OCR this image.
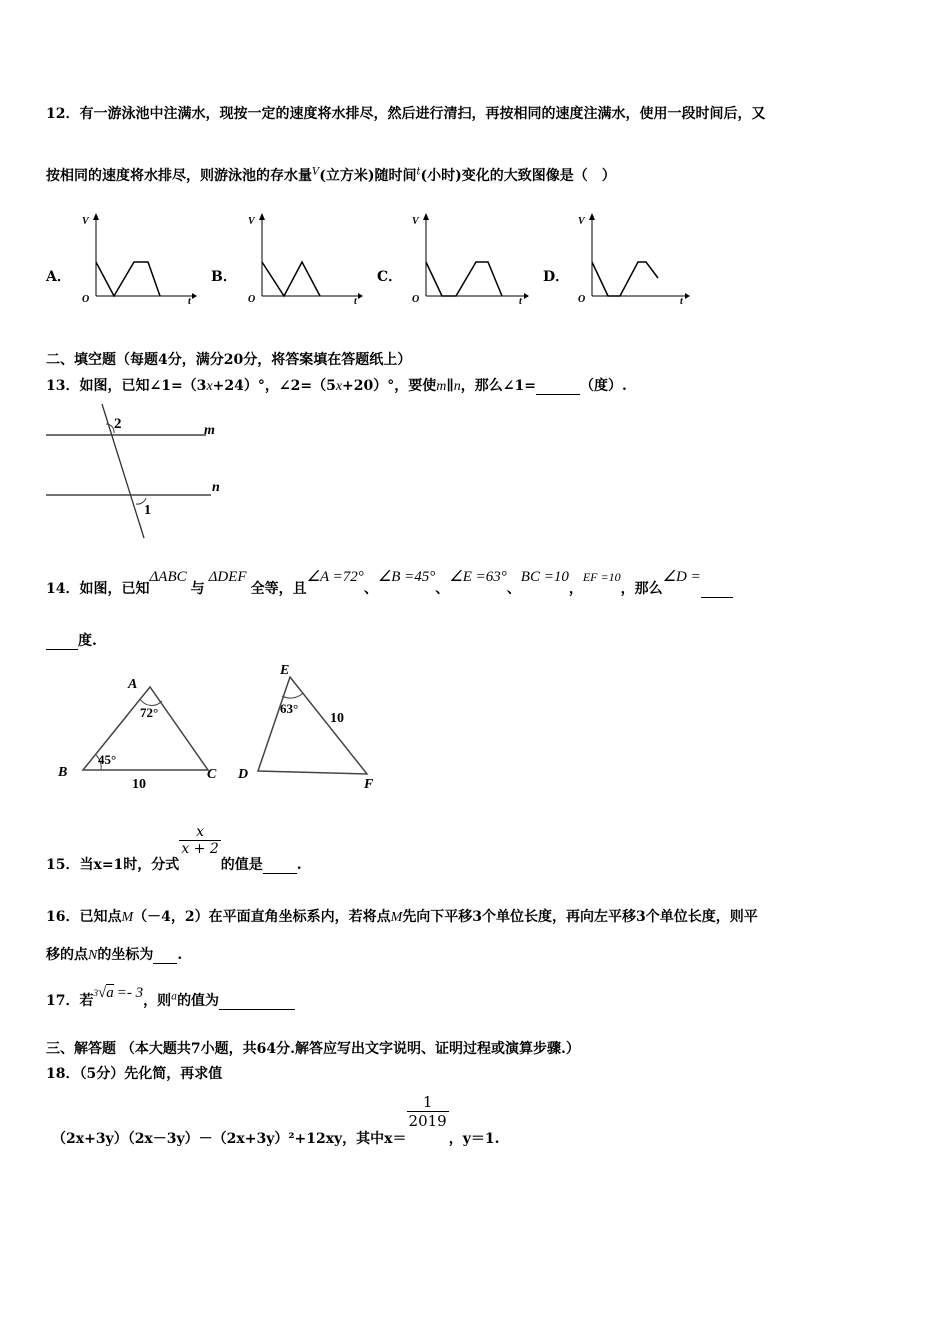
12．有一游泳池中注满水，现按一定的速度将水排尽，然后进行清扫，再按相同的速度注满水，使用一段时间后，又
按相同的速度将水排尽，则游泳池的存水量$^V$(立方米)随时间$^t$(小时)变化的大致图像是（　）
A．
V
O	t
B．
V
O	t
C．
V
O	t
D．
V
O	t
二、填空题（每题4分，满分20分，将答案填在答题纸上）
13．如图，已知∠1=（3x+24）°，∠2=（5x+20）°，要使m∥n，那么∠1=	（度）.
2
1
m
n
14．如图，已知ΔABC与ΔDEF全等，且∠A =72°、∠B =45°、∠E =63°、BC =10，EF =10，那么∠D =
度.
A
B	C
72°
45°
10
E
D
F
63°
10
15．当x=1时，分式
$\frac{x}{x + 2}$
的值是 .
16．已知点M（－4，2）在平面直角坐标系内，若将点M先向下平移3个单位长度，再向左平移3个单位长度，则平
移的点N的坐标为 .
17．若$^3$√a =- 3，则$^a$的值为
三、解答题 （本大题共7小题，共64分.解答应写出文字说明、证明过程或演算步骤.）
18．（5分）先化简，再求值
（2x+3y）（2x－3y）－（2x+3y）²+12xy，其中x＝
$\frac{1}{2019}$
，y＝1.
